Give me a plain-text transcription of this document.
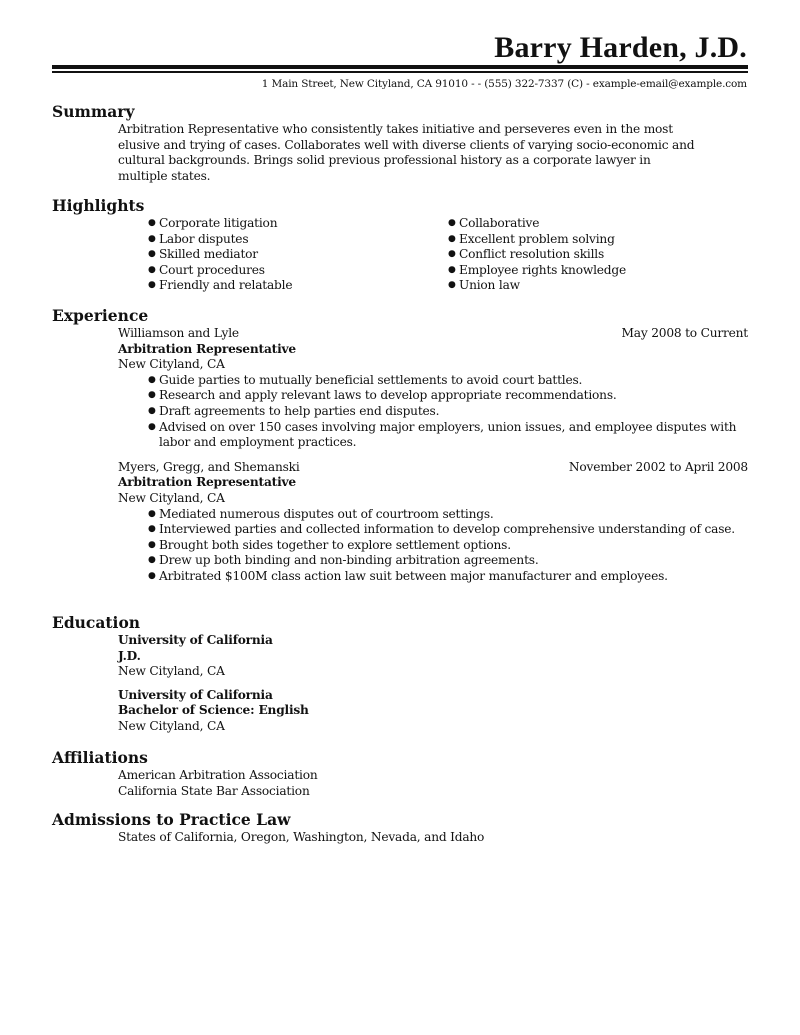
Barry Harden, J.D.
1 Main Street, New Cityland, CA 91010 - - (555) 322-7337 (C) - example-email@example.com
Summary
Arbitration Representative who consistently takes initiative and perseveres even in the most
elusive and trying of cases. Collaborates well with diverse clients of varying socio-economic and
cultural backgrounds. Brings solid previous professional history as a corporate lawyer in
multiple states.
Highlights
● Corporate litigation
● Labor disputes
● Skilled mediator
● Court procedures
● Friendly and relatable
● Collaborative
● Excellent problem solving
● Conflict resolution skills
● Employee rights knowledge
● Union law
Experience
Williamson and Lyle	May 2008 to Current
Arbitration Representative
New Cityland, CA
● Guide parties to mutually beneficial settlements to avoid court battles.
● Research and apply relevant laws to develop appropriate recommendations.
● Draft agreements to help parties end disputes.
● Advised on over 150 cases involving major employers, union issues, and employee disputes with labor and employment practices.
Myers, Gregg, and Shemanski	November 2002 to April 2008
Arbitration Representative
New Cityland, CA
● Mediated numerous disputes out of courtroom settings.
● Interviewed parties and collected information to develop comprehensive understanding of case.
● Brought both sides together to explore settlement options.
● Drew up both binding and non-binding arbitration agreements.
● Arbitrated $100M class action law suit between major manufacturer and employees.
Education
University of California
J.D.
New Cityland, CA
University of California
Bachelor of Science: English
New Cityland, CA
Affiliations
American Arbitration Association
California State Bar Association
Admissions to Practice Law
States of California, Oregon, Washington, Nevada, and Idaho
